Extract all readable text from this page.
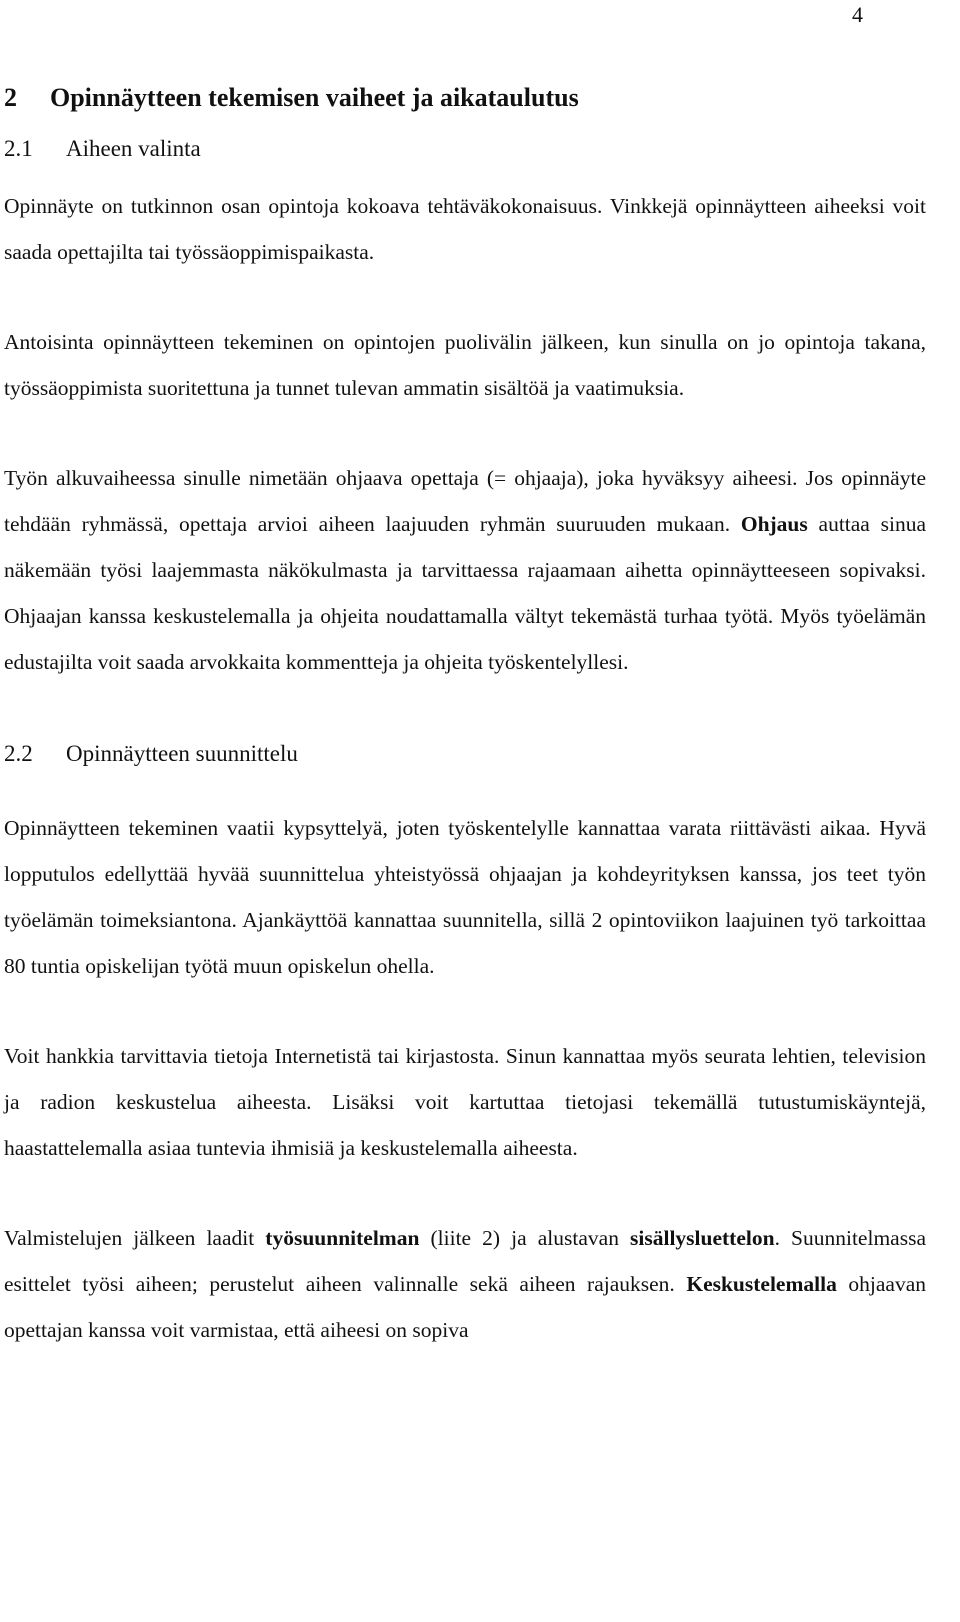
4
2 Opinnäytteen tekemisen vaiheet ja aikataulutus
2.1 Aiheen valinta

Opinnäyte on tutkinnon osan opintoja kokoava tehtäväkokonaisuus. Vinkkejä opinnäytteen aiheeksi voit saada opettajilta tai työssäoppimispaikasta.

Antoisinta opinnäytteen tekeminen on opintojen puolivälin jälkeen, kun sinulla on jo opintoja takana, työssäoppimista suoritettuna ja tunnet tulevan ammatin sisältöä ja vaatimuksia.

Työn alkuvaiheessa sinulle nimetään ohjaava opettaja (= ohjaaja), joka hyväksyy aiheesi. Jos opinnäyte tehdään ryhmässä, opettaja arvioi aiheen laajuuden ryhmän suuruuden mukaan. Ohjaus auttaa sinua näkemään työsi laajemmasta näkökulmasta ja tarvittaessa rajaamaan aihetta opinnäytteeseen sopivaksi. Ohjaajan kanssa keskustelemalla ja ohjeita noudattamalla vältyt tekemästä turhaa työtä. Myös työelämän edustajilta voit saada arvokkaita kommentteja ja ohjeita työskentelyllesi.

2.2 Opinnäytteen suunnittelu

Opinnäytteen tekeminen vaatii kypsyttelyä, joten työskentelylle kannattaa varata riittävästi aikaa. Hyvä lopputulos edellyttää hyvää suunnittelua yhteistyössä ohjaajan ja kohdeyrityksen kanssa, jos teet työn työelämän toimeksiantona. Ajankäyttöä kannattaa suunnitella, sillä 2 opintoviikon laajuinen työ tarkoittaa 80 tuntia opiskelijan työtä muun opiskelun ohella.

Voit hankkia tarvittavia tietoja Internetistä tai kirjastosta. Sinun kannattaa myös seurata lehtien, television ja radion keskustelua aiheesta. Lisäksi voit kartuttaa tietojasi tekemällä tutustumiskäyntejä, haastattelemalla asiaa tuntevia ihmisiä ja keskustelemalla aiheesta.

Valmistelujen jälkeen laadit työsuunnitelman (liite 2) ja alustavan sisällysluettelon. Suunnitelmassa esittelet työsi aiheen; perustelut aiheen valinnalle sekä aiheen rajauksen. Keskustelemalla ohjaavan opettajan kanssa voit varmistaa, että aiheesi on sopiva
